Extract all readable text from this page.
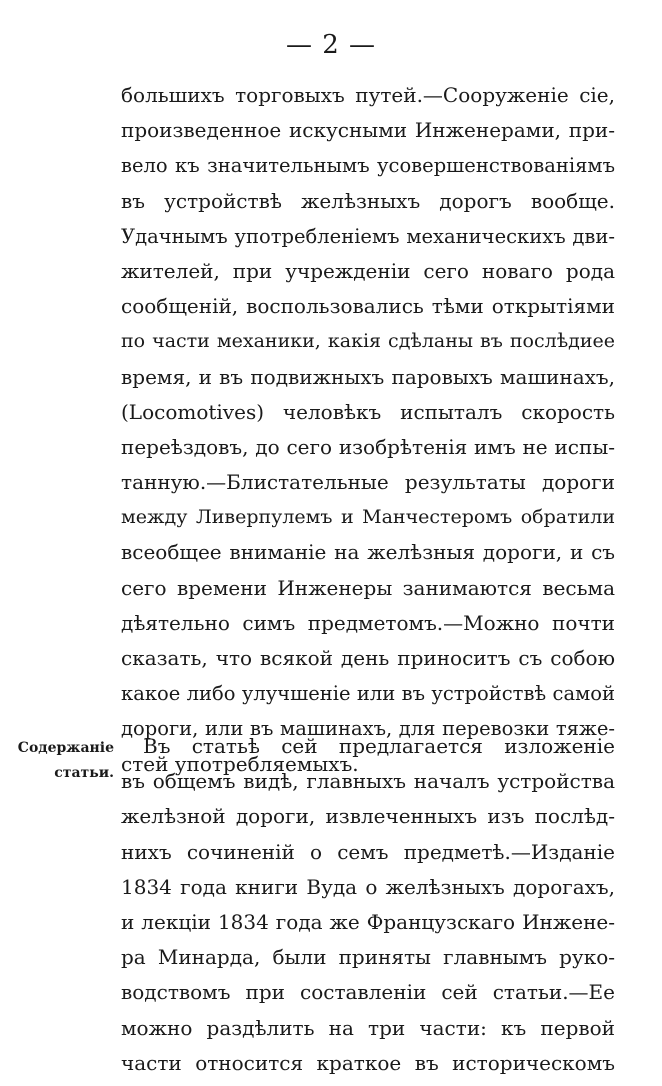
— 2 —
большихъ торговыхъ путей.—Сооруженіе сіе,
произведенное искусными Инженерами, при-
вело къ значительнымъ усовершенствованіямъ
въ устройствѣ желѣзныхъ дорогъ вообще.
Удачнымъ употребленіемъ механическихъ дви-
жителей, при учрежденіи сего новаго рода
сообщеній, воспользовались тѣми открытіями
по части механики, какія сдѣланы въ послѣдиее
время, и въ подвижныхъ паровыхъ машинахъ,
(Locomotives) человѣкъ испыталъ скорость
переѣздовъ, до сего изобрѣтенія имъ не испы-
танную.—Блистательные результаты дороги
между Ливерпулемъ и Манчестеромъ обратили
всеобщее вниманіе на желѣзныя дороги, и съ
сего времени Инженеры занимаются весьма
дѣятельно симъ предметомъ.—Можно почти
сказать, что всякой день приноситъ съ собою
какое либо улучшеніе или въ устройствѣ самой
дороги, или въ машинахъ, для перевозки тяже-
стей употребляемыхъ.
Содержаніе
статьи.
Въ статьѣ сей предлагается изложеніе
въ общемъ видѣ, главныхъ началъ устройства
желѣзной дороги, извлеченныхъ изъ послѣд-
нихъ сочиненій о семъ предметѣ.—Изданіе
1834 года книги Вуда о желѣзныхъ дорогахъ,
и лекціи 1834 года же Французскаго Инжене-
ра Минарда, были приняты главнымъ руко-
водствомъ при составленіи сей статьи.—Ее
можно раздѣлить на три части: къ первой
части относится краткое въ историческомъ
